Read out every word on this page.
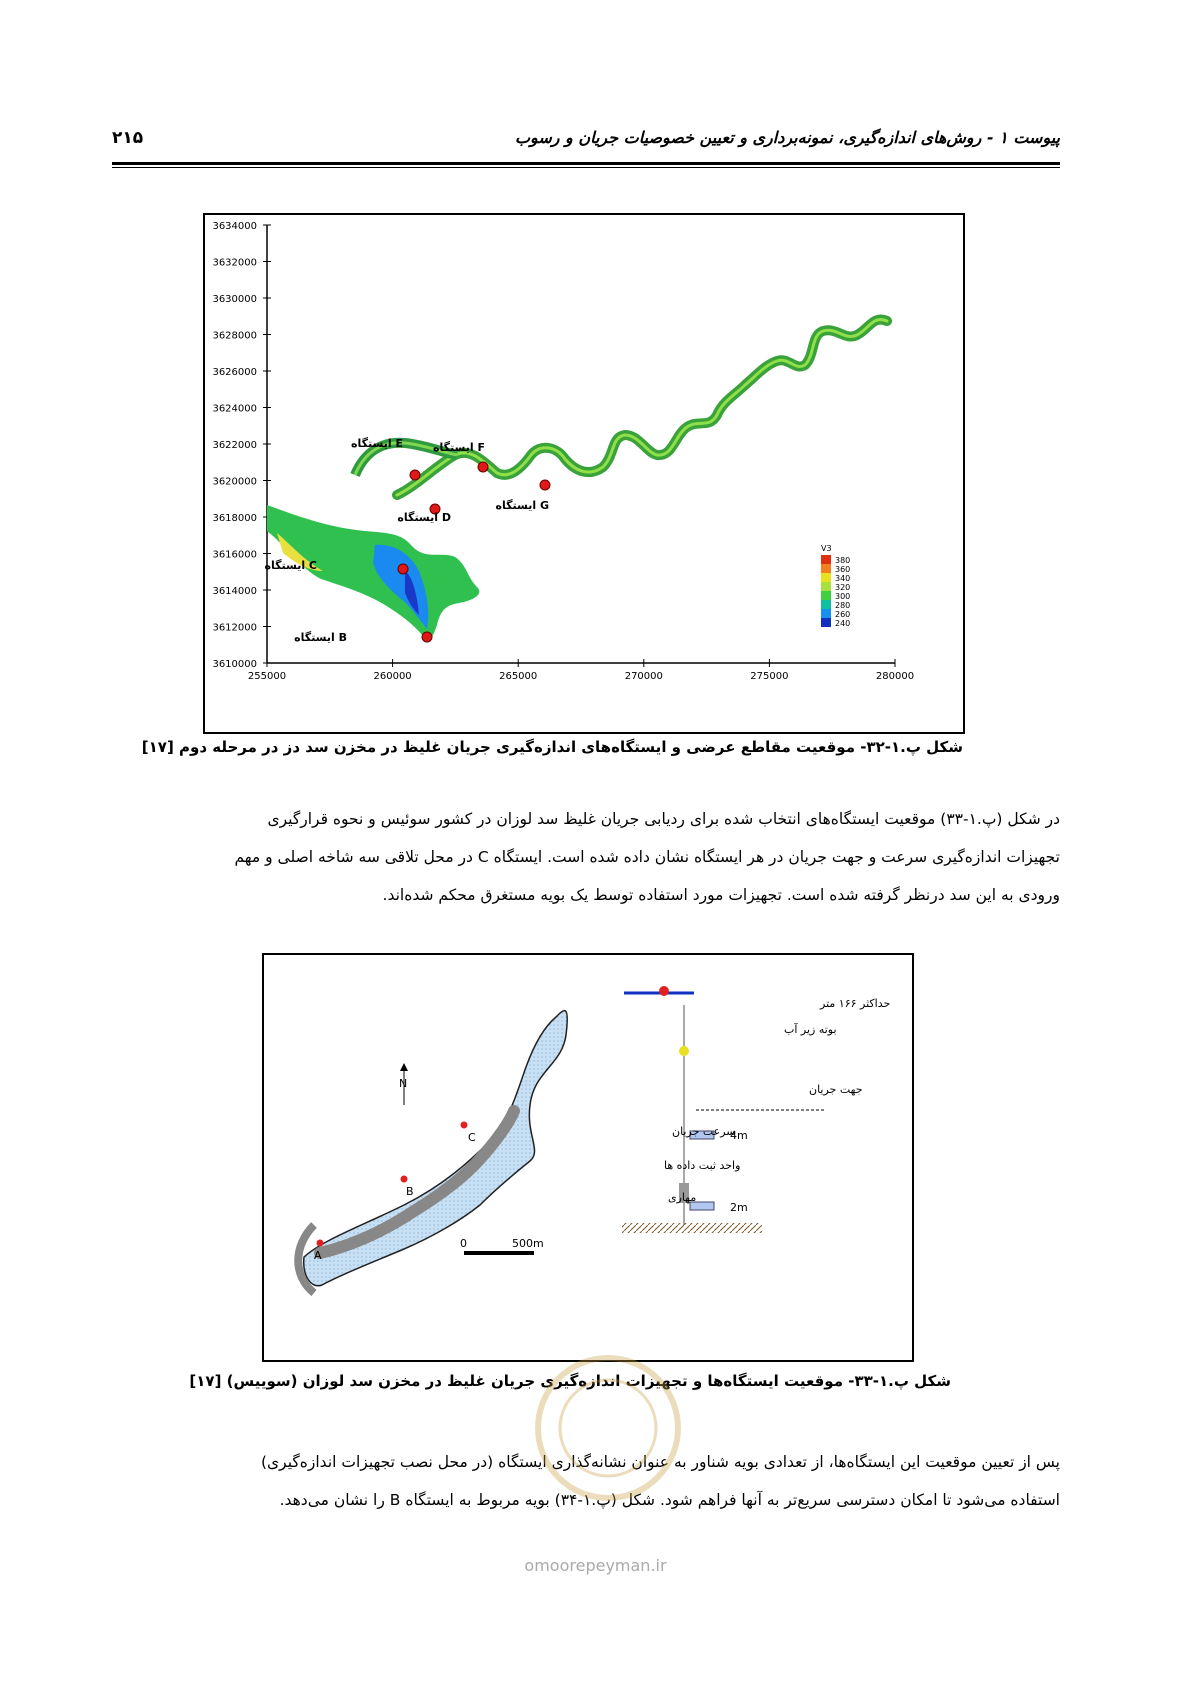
۲۱۵	پیوست ۱ - روش‌های اندازه‌گیری، نمونه‌برداری و تعیین خصوصیات جریان و رسوب
3634000
3632000
3630000
3628000
3626000
3624000
3622000
3620000
3618000
3616000
3614000
3612000
3610000
255000	260000	265000	270000	275000	280000
B ایستگاه
C ایستگاه
D ایستگاه
E ایستگاه	F ایستگاه
G ایستگاه
V3
380
360
340
320
300
280
260
240
شکل پ.۱-۳۲- موقعیت مقاطع عرضی و ایستگاه‌های اندازه‌گیری جریان غلیظ در مخزن سد دز در مرحله دوم [۱۷]
در شکل (پ.۱-۳۳) موقعیت ایستگاه‌های انتخاب شده برای ردیابی جریان غلیظ سد لوزان در کشور سوئیس و نحوه قرارگیری
تجهیزات اندازه‌گیری سرعت و جهت جریان در هر ایستگاه نشان داده شده است. ایستگاه C در محل تلاقی سه شاخه اصلی و مهم
ورودی به این سد درنظر گرفته شده است. تجهیزات مورد استفاده توسط یک بویه مستغرق محکم شده‌اند.
N
C
B
A
0	500m
4m
2m
حداکثر ۱۶۶ متر
بوته زیر آب
جهت جریان
سرعت جریان
واحد ثبت داده ها
مهاری
شکل پ.۱-۳۳- موقعیت ایستگاه‌ها و تجهیزات اندازه‌گیری جریان غلیظ در مخزن سد لوزان (سوییس) [۱۷]
پس از تعیین موقعیت این ایستگاه‌ها، از تعدادی بویه شناور به عنوان نشانه‌گذاری ایستگاه (در محل نصب تجهیزات اندازه‌گیری)
استفاده می‌شود تا امکان دسترسی سریع‌تر به آنها فراهم شود. شکل (پ.۱-۳۴) بویه مربوط به ایستگاه B را نشان می‌دهد.
omoorepeyman.ir
